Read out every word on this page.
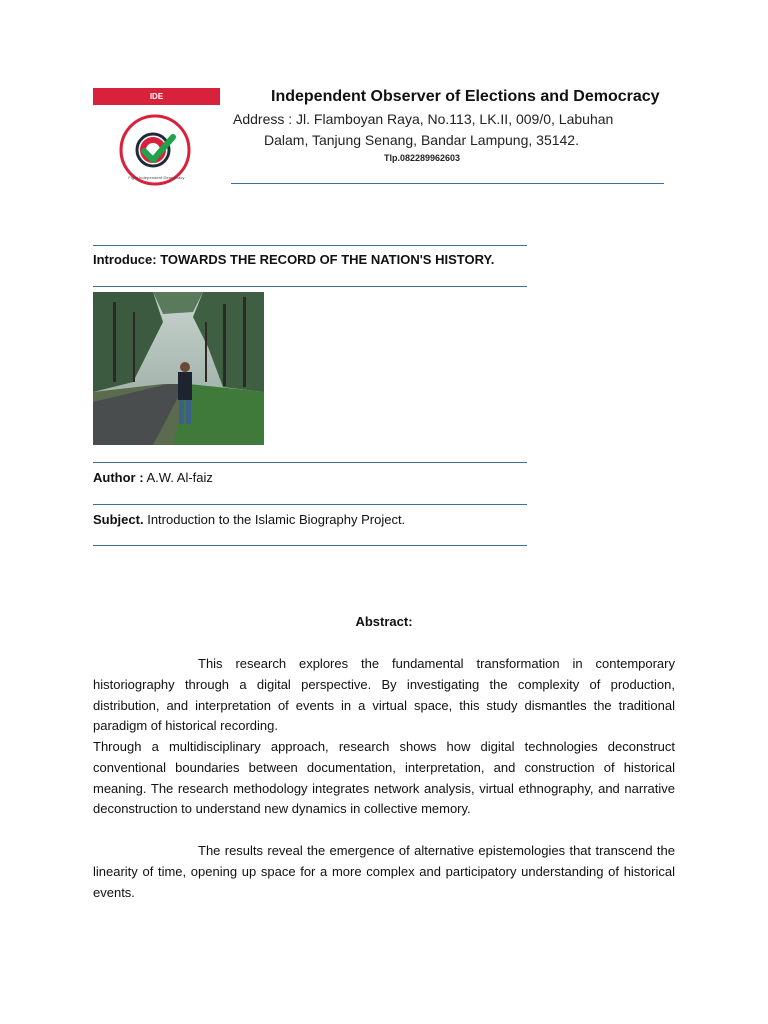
IDE
Fight Independent Democracy
Independent Observer of Elections and Democracy
Address : Jl. Flamboyan Raya, No.113, LK.II, 009/0, Labuhan
Dalam, Tanjung Senang, Bandar Lampung, 35142.
Tlp.082289962603
Introduce: TOWARDS THE RECORD OF THE NATION'S HISTORY.
Author : A.W. Al-faiz
Subject. Introduction to the Islamic Biography Project.
Abstract:
This research explores the fundamental transformation in contemporary historiography through a digital perspective. By investigating the complexity of production, distribution, and interpretation of events in a virtual space, this study dismantles the traditional paradigm of historical recording.
Through a multidisciplinary approach, research shows how digital technologies deconstruct conventional boundaries between documentation, interpretation, and construction of historical meaning. The research methodology integrates network analysis, virtual ethnography, and narrative deconstruction to understand new dynamics in collective memory.
The results reveal the emergence of alternative epistemologies that transcend the linearity of time, opening up space for a more complex and participatory understanding of historical events.
